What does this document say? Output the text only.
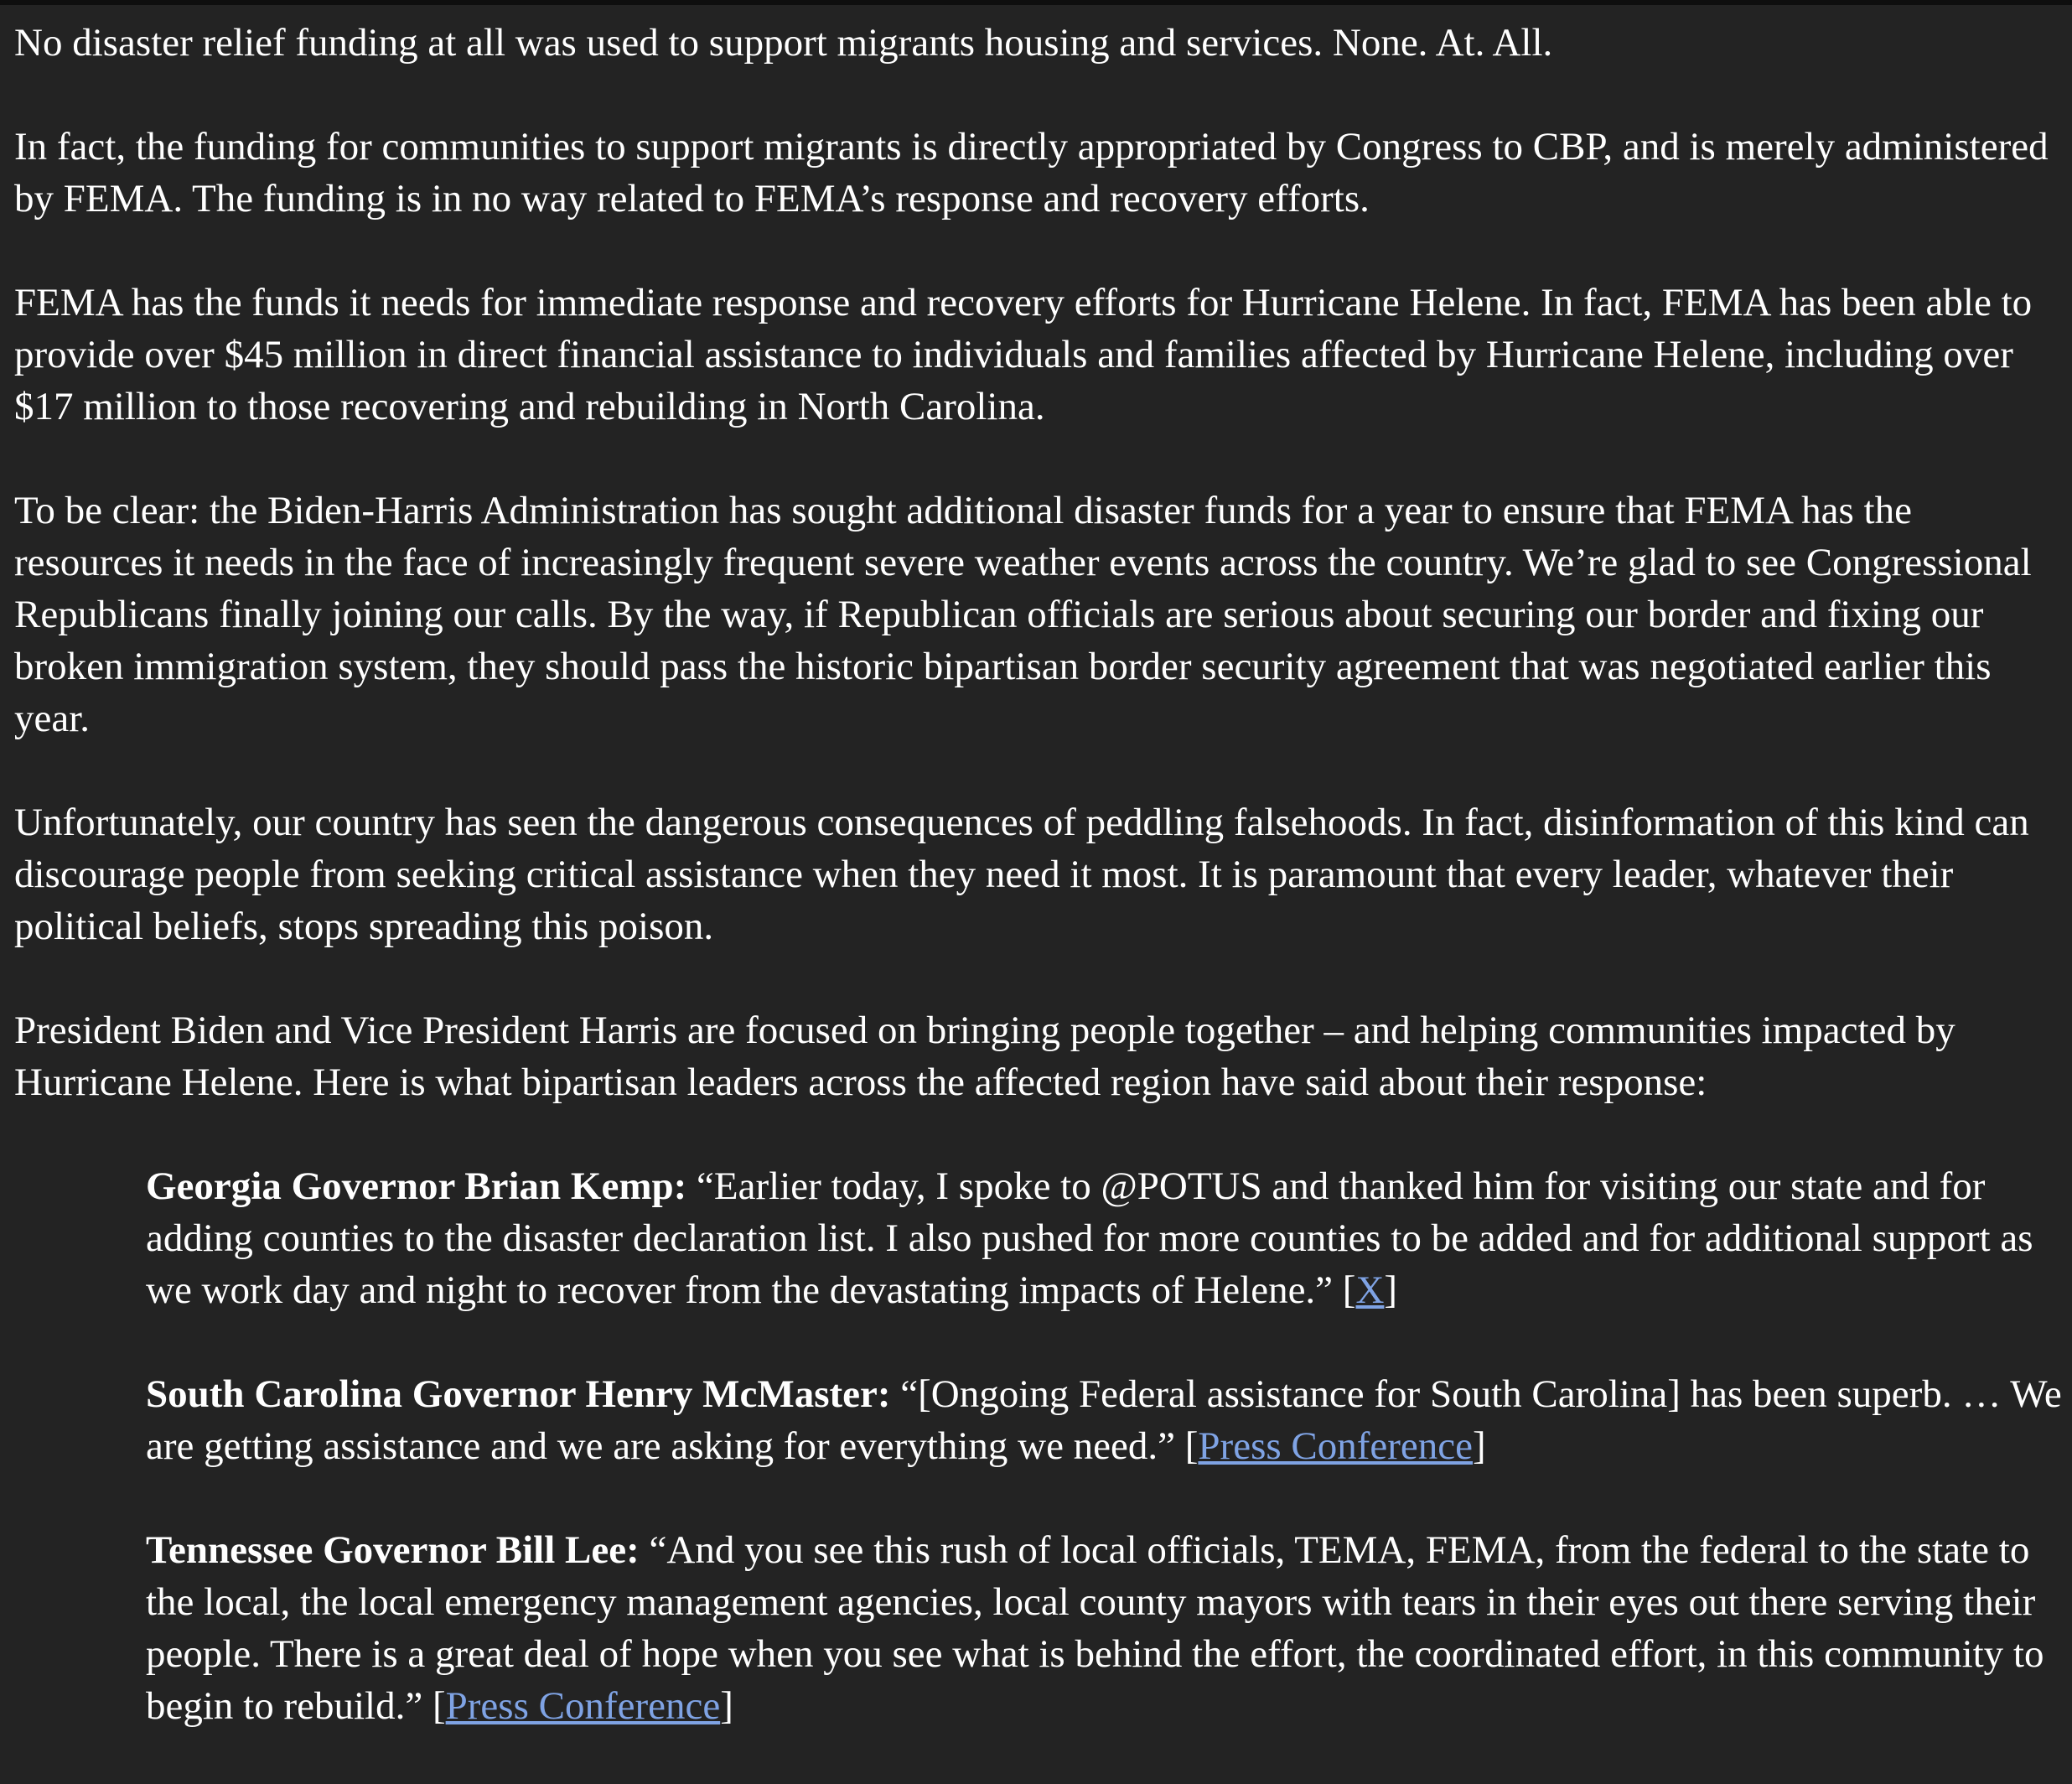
No disaster relief funding at all was used to support migrants housing and services. None. At. All.

In fact, the funding for communities to support migrants is directly appropriated by Congress to CBP, and is merely administered by FEMA. The funding is in no way related to FEMA’s response and recovery efforts.

FEMA has the funds it needs for immediate response and recovery efforts for Hurricane Helene. In fact, FEMA has been able to provide over $45 million in direct financial assistance to individuals and families affected by Hurricane Helene, including over $17 million to those recovering and rebuilding in North Carolina.

To be clear: the Biden-Harris Administration has sought additional disaster funds for a year to ensure that FEMA has the resources it needs in the face of increasingly frequent severe weather events across the country. We’re glad to see Congressional Republicans finally joining our calls. By the way, if Republican officials are serious about securing our border and fixing our broken immigration system, they should pass the historic bipartisan border security agreement that was negotiated earlier this year.

Unfortunately, our country has seen the dangerous consequences of peddling falsehoods. In fact, disinformation of this kind can discourage people from seeking critical assistance when they need it most. It is paramount that every leader, whatever their political beliefs, stops spreading this poison.

President Biden and Vice President Harris are focused on bringing people together – and helping communities impacted by Hurricane Helene. Here is what bipartisan leaders across the affected region have said about their response:

Georgia Governor Brian Kemp: “Earlier today, I spoke to @POTUS and thanked him for visiting our state and for adding counties to the disaster declaration list. I also pushed for more counties to be added and for additional support as we work day and night to recover from the devastating impacts of Helene.” [X]

South Carolina Governor Henry McMaster: “[Ongoing Federal assistance for South Carolina] has been superb. … We are getting assistance and we are asking for everything we need.” [Press Conference]

Tennessee Governor Bill Lee: “And you see this rush of local officials, TEMA, FEMA, from the federal to the state to the local, the local emergency management agencies, local county mayors with tears in their eyes out there serving their people. There is a great deal of hope when you see what is behind the effort, the coordinated effort, in this community to begin to rebuild.” [Press Conference]
